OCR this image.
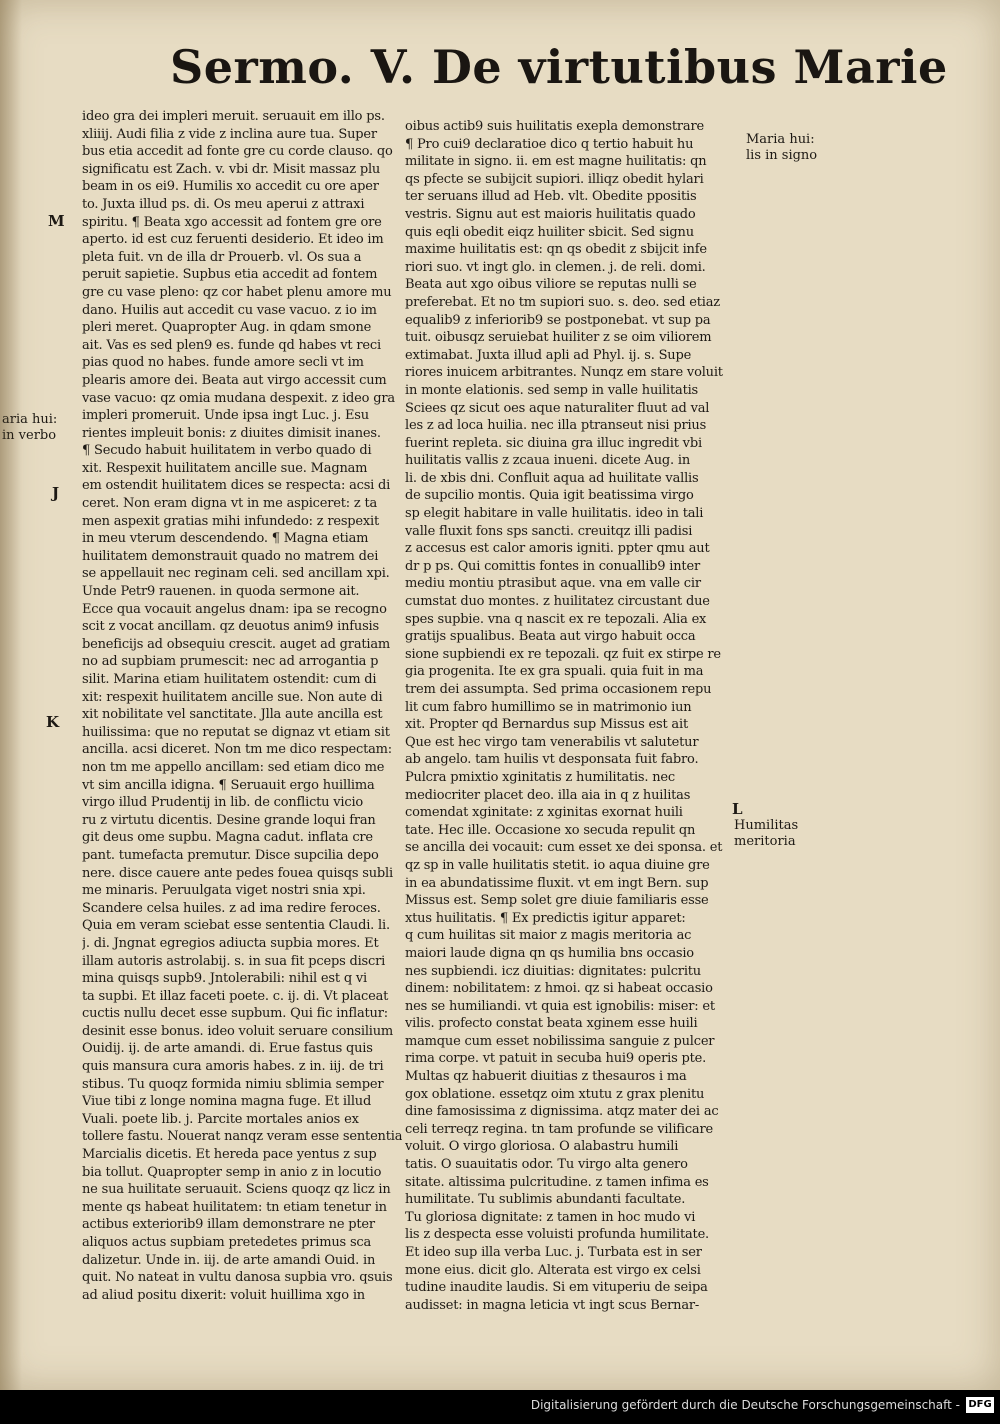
Sermo. V. De virtutibus Marie
ideo gra dei impleri meruit. seruauit em illo ps.
xliiij. Audi filia z vide z inclina aure tua. Super
bus etia accedit ad fonte gre cu corde clauso. qo
significatu est Zach. v. vbi dr. Misit massaz plu
beam in os ei9. Humilis xo accedit cu ore aper
to. Juxta illud ps. di. Os meu aperui z attraxi
spiritu. ¶ Beata xgo accessit ad fontem gre ore
aperto. id est cuz feruenti desiderio. Et ideo im
pleta fuit. vn de illa dr Prouerb. vl. Os sua a
peruit sapietie. Supbus etia accedit ad fontem
gre cu vase pleno: qz cor habet plenu amore mu
dano. Huilis aut accedit cu vase vacuo. z io im
pleri meret. Quapropter Aug. in qdam smone
ait. Vas es sed plen9 es. funde qd habes vt reci
pias quod no habes. funde amore secli vt im
plearis amore dei. Beata aut virgo accessit cum
vase vacuo: qz omia mudana despexit. z ideo gra
impleri promeruit. Unde ipsa ingt Luc. j. Esu
rientes impleuit bonis: z diuites dimisit inanes.
¶ Secudo habuit huilitatem in verbo quado di
xit. Respexit huilitatem ancille sue. Magnam
em ostendit huilitatem dices se respecta: acsi di
ceret. Non eram digna vt in me aspiceret: z ta
men aspexit gratias mihi infundedo: z respexit
in meu vterum descendendo. ¶ Magna etiam
huilitatem demonstrauit quado no matrem dei
se appellauit nec reginam celi. sed ancillam xpi.
Unde Petr9 rauenen. in quoda sermone ait.
Ecce qua vocauit angelus dnam: ipa se recogno
scit z vocat ancillam. qz deuotus anim9 infusis
beneficijs ad obsequiu crescit. auget ad gratiam
no ad supbiam prumescit: nec ad arrogantia p
silit. Marina etiam huilitatem ostendit: cum di
xit: respexit huilitatem ancille sue. Non aute di
xit nobilitate vel sanctitate. Jlla aute ancilla est
huilissima: que no reputat se dignaz vt etiam sit
ancilla. acsi diceret. Non tm me dico respectam:
non tm me appello ancillam: sed etiam dico me
vt sim ancilla idigna. ¶ Seruauit ergo huillima
virgo illud Prudentij in lib. de conflictu vicio
ru z virtutu dicentis. Desine grande loqui fran
git deus ome supbu. Magna cadut. inflata cre
pant. tumefacta premutur. Disce supcilia depo
nere. disce cauere ante pedes fouea quisqs subli
me minaris. Peruulgata viget nostri snia xpi.
Scandere celsa huiles. z ad ima redire feroces.
Quia em veram sciebat esse sententia Claudi. li.
j. di. Jngnat egregios adiucta supbia mores. Et
illam autoris astrolabij. s. in sua fit pceps discri
mina quisqs supb9. Jntolerabili: nihil est q vi
ta supbi. Et illaz faceti poete. c. ij. di. Vt placeat
cuctis nullu decet esse supbum. Qui fic inflatur:
desinit esse bonus. ideo voluit seruare consilium
Ouidij. ij. de arte amandi. di. Erue fastus quis
quis mansura cura amoris habes. z in. iij. de tri
stibus. Tu quoqz formida nimiu sblimia semper
Viue tibi z longe nomina magna fuge. Et illud
Vuali. poete lib. j. Parcite mortales anios ex
tollere fastu. Nouerat nanqz veram esse sententia
Marcialis dicetis. Et hereda pace yentus z sup
bia tollut. Quapropter semp in anio z in locutio
ne sua huilitate seruauit. Sciens quoqz qz licz in
mente qs habeat huilitatem: tn etiam tenetur in
actibus exteriorib9 illam demonstrare ne pter
aliquos actus supbiam pretedetes primus sca
dalizetur. Unde in. iij. de arte amandi Ouid. in
quit. No nateat in vultu danosa supbia vro. qsuis
ad aliud positu dixerit: voluit huillima xgo in
oibus actib9 suis huilitatis exepla demonstrare
¶ Pro cui9 declaratioe dico q tertio habuit hu
militate in signo. ii. em est magne huilitatis: qn
qs pfecte se subijcit supiori. illiqz obedit hylari
ter seruans illud ad Heb. vlt. Obedite ppositis
vestris. Signu aut est maioris huilitatis quado
quis eqli obedit eiqz huiliter sbicit. Sed signu
maxime huilitatis est: qn qs obedit z sbijcit infe
riori suo. vt ingt glo. in clemen. j. de reli. domi.
Beata aut xgo oibus viliore se reputas nulli se
preferebat. Et no tm supiori suo. s. deo. sed etiaz
equalib9 z inferiorib9 se postponebat. vt sup pa
tuit. oibusqz seruiebat huiliter z se oim viliorem
extimabat. Juxta illud apli ad Phyl. ij. s. Supe
riores inuicem arbitrantes. Nunqz em stare voluit
in monte elationis. sed semp in valle huilitatis
Sciees qz sicut oes aque naturaliter fluut ad val
les z ad loca huilia. nec illa ptranseut nisi prius
fuerint repleta. sic diuina gra illuc ingredit vbi
huilitatis vallis z zcaua inueni. dicete Aug. in
li. de xbis dni. Confluit aqua ad huilitate vallis
de supcilio montis. Quia igit beatissima virgo
sp elegit habitare in valle huilitatis. ideo in tali
valle fluxit fons sps sancti. creuitqz illi padisi
z accesus est calor amoris igniti. ppter qmu aut
dr p ps. Qui comittis fontes in conuallib9 inter
mediu montiu ptrasibut aque. vna em valle cir
cumstat duo montes. z huilitatez circustant due
spes supbie. vna q nascit ex re tepozali. Alia ex
gratijs spualibus. Beata aut virgo habuit occa
sione supbiendi ex re tepozali. qz fuit ex stirpe re
gia progenita. Ite ex gra spuali. quia fuit in ma
trem dei assumpta. Sed prima occasionem repu
lit cum fabro humillimo se in matrimonio iun
xit. Propter qd Bernardus sup Missus est ait
Que est hec virgo tam venerabilis vt salutetur
ab angelo. tam huilis vt desponsata fuit fabro.
Pulcra pmixtio xginitatis z humilitatis. nec
mediocriter placet deo. illa aia in q z huilitas
comendat xginitate: z xginitas exornat huili
tate. Hec ille. Occasione xo secuda repulit qn
se ancilla dei vocauit: cum esset xe dei sponsa. et
qz sp in valle huilitatis stetit. io aqua diuine gre
in ea abundatissime fluxit. vt em ingt Bern. sup
Missus est. Semp solet gre diuie familiaris esse
xtus huilitatis. ¶ Ex predictis igitur apparet:
q cum huilitas sit maior z magis meritoria ac
maiori laude digna qn qs humilia bns occasio
nes supbiendi. icz diuitias: dignitates: pulcritu
dinem: nobilitatem: z hmoi. qz si habeat occasio
nes se humiliandi. vt quia est ignobilis: miser: et
vilis. profecto constat beata xginem esse huili
mamque cum esset nobilissima sanguie z pulcer
rima corpe. vt patuit in secuba hui9 operis pte.
Multas qz habuerit diuitias z thesauros i ma
gox oblatione. essetqz oim xtutu z grax plenitu
dine famosissima z dignissima. atqz mater dei ac
celi terreqz regina. tn tam profunde se vilificare
voluit. O virgo gloriosa. O alabastru humili
tatis. O suauitatis odor. Tu virgo alta genero
sitate. altissima pulcritudine. z tamen infima es
humilitate. Tu sublimis abundanti facultate.
Tu gloriosa dignitate: z tamen in hoc mudo vi
lis z despecta esse voluisti profunda humilitate.
Et ideo sup illa verba Luc. j. Turbata est in ser
mone eius. dicit glo. Alterata est virgo ex celsi
tudine inaudite laudis. Si em vituperiu de seipa
audisset: in magna leticia vt ingt scus Bernar-
M
aria hui:
in verbo
J
K
Maria hui:
lis in signo
L
Humilitas
meritoria
Digitalisierung gefördert durch die Deutsche Forschungsgemeinschaft - DFG
